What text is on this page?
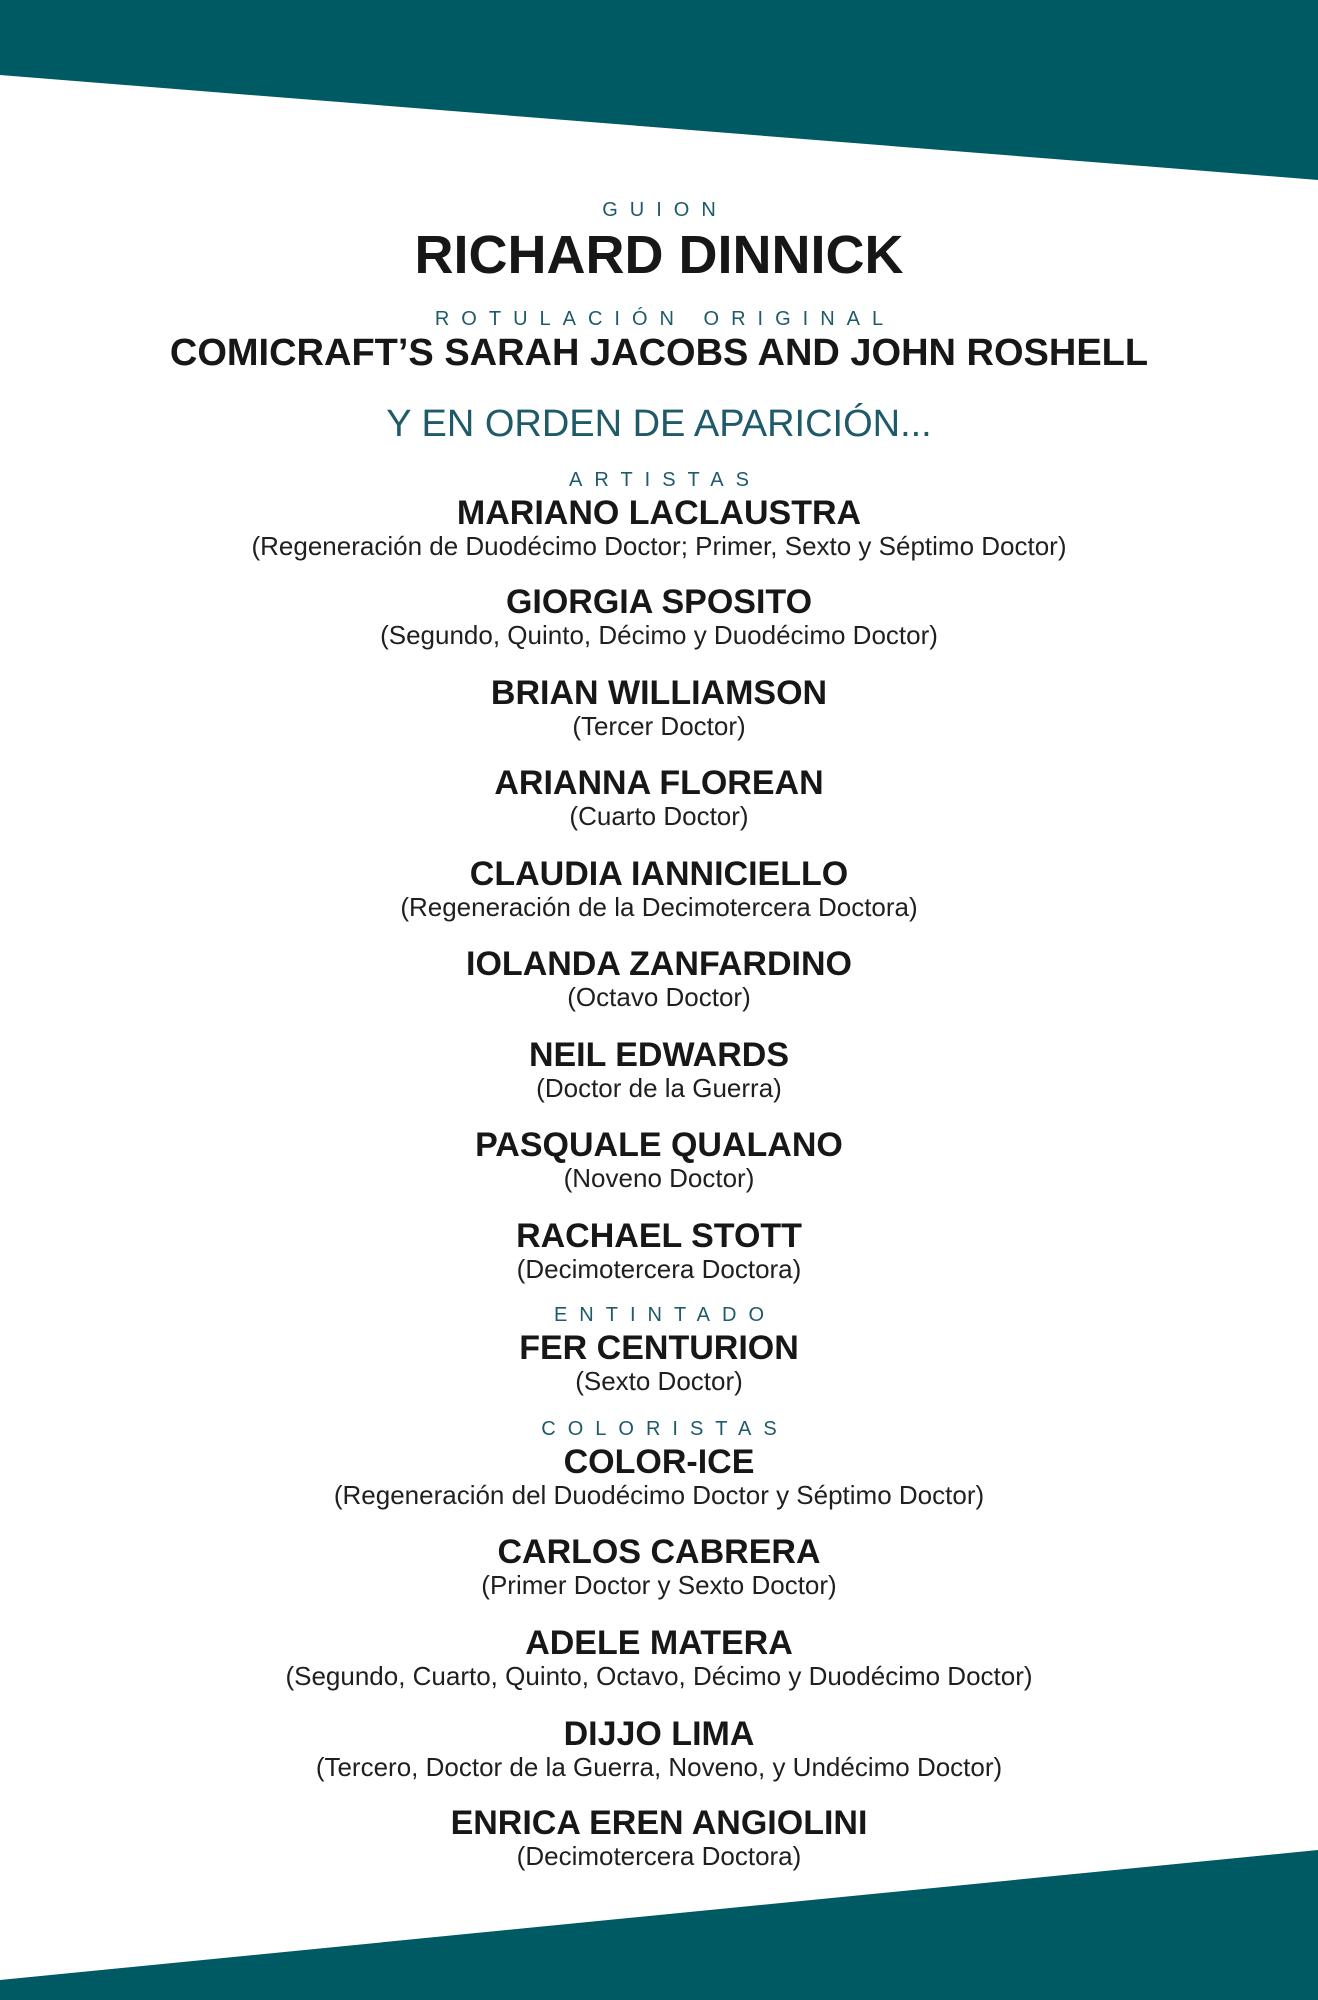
GUION
RICHARD DINNICK
ROTULACIÓN ORIGINAL
COMICRAFT’S SARAH JACOBS AND JOHN ROSHELL
Y EN ORDEN DE APARICIÓN...
ARTISTAS
MARIANO LACLAUSTRA
(Regeneración de Duodécimo Doctor; Primer, Sexto y Séptimo Doctor)
GIORGIA SPOSITO
(Segundo, Quinto, Décimo y Duodécimo Doctor)
BRIAN WILLIAMSON
(Tercer Doctor)
ARIANNA FLOREAN
(Cuarto Doctor)
CLAUDIA IANNICIELLO
(Regeneración de la Decimotercera Doctora)
IOLANDA ZANFARDINO
(Octavo Doctor)
NEIL EDWARDS
(Doctor de la Guerra)
PASQUALE QUALANO
(Noveno Doctor)
RACHAEL STOTT
(Decimotercera Doctora)
ENTINTADO
FER CENTURION
(Sexto Doctor)
COLORISTAS
COLOR-ICE
(Regeneración del Duodécimo Doctor y Séptimo Doctor)
CARLOS CABRERA
(Primer Doctor y Sexto Doctor)
ADELE MATERA
(Segundo, Cuarto, Quinto, Octavo, Décimo y Duodécimo Doctor)
DIJJO LIMA
(Tercero, Doctor de la Guerra, Noveno, y Undécimo Doctor)
ENRICA EREN ANGIOLINI
(Decimotercera Doctora)
